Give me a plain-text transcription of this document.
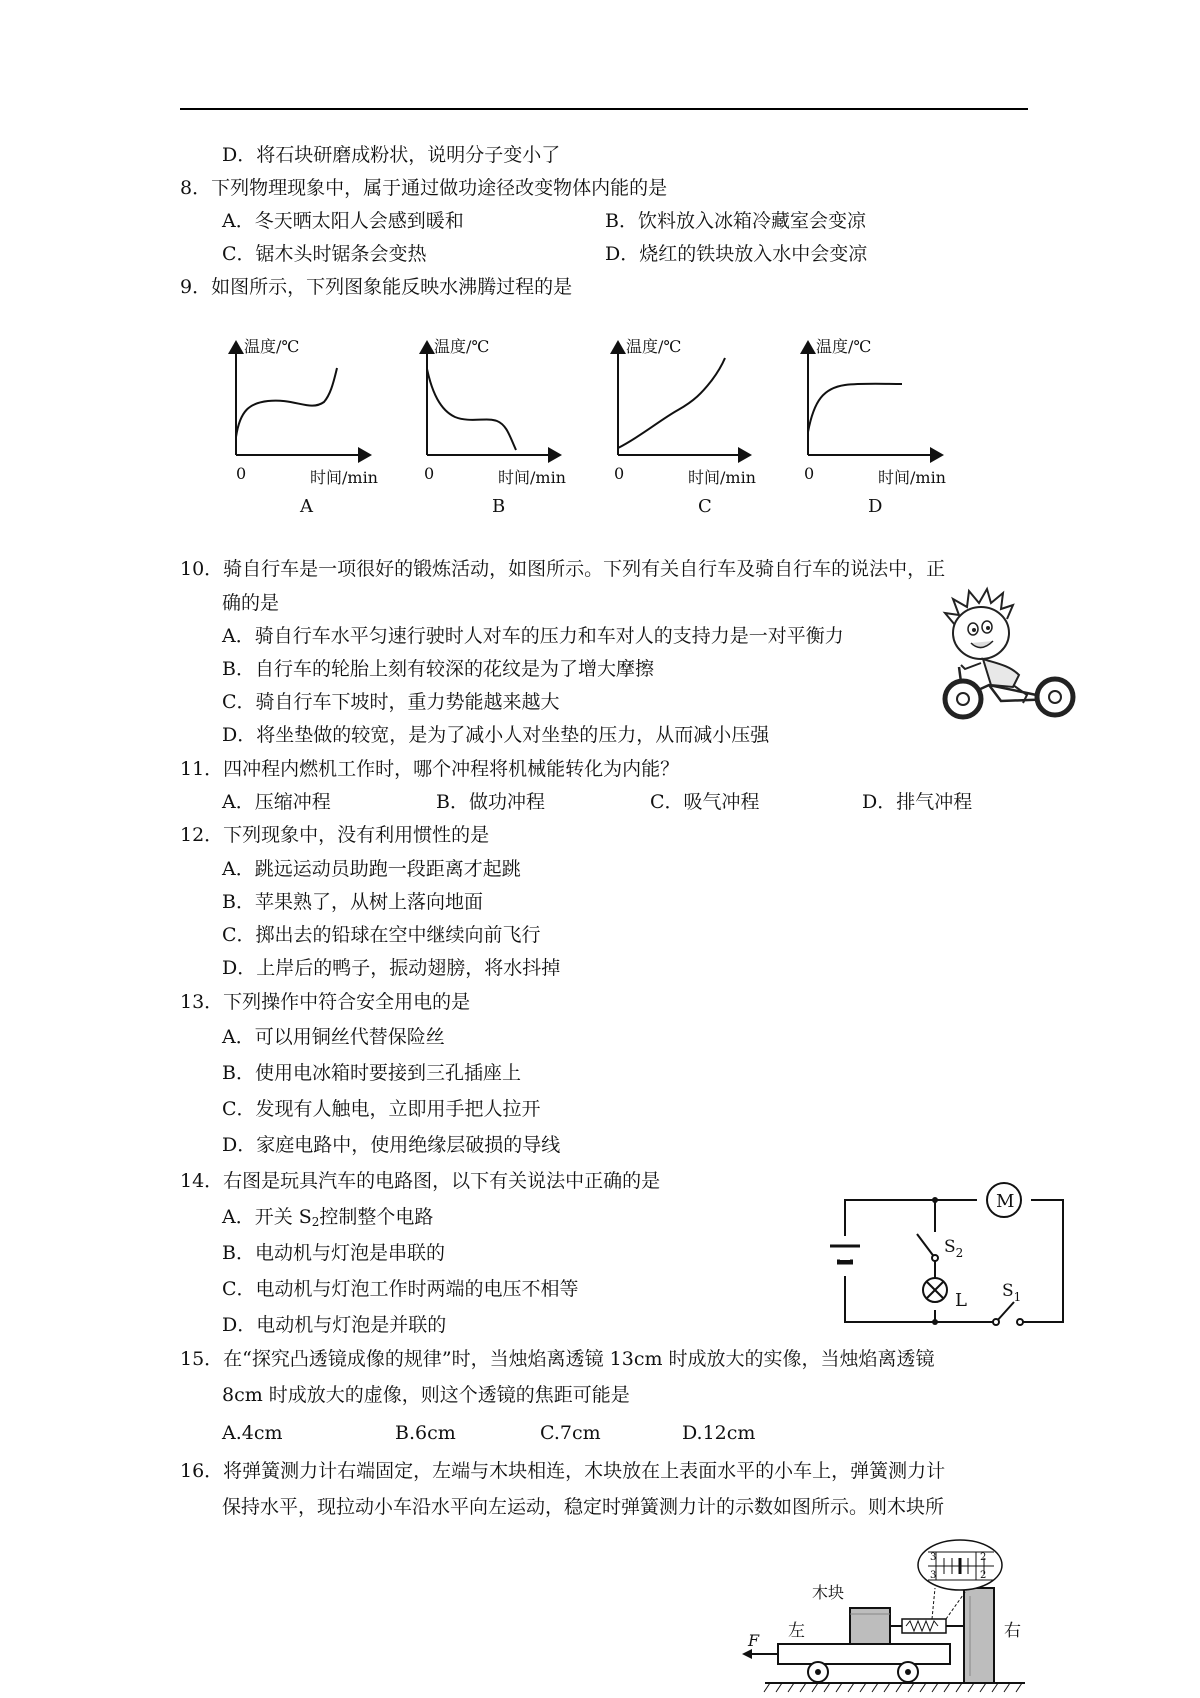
D．将石块研磨成粉状，说明分子变小了
8．下列物理现象中，属于通过做功途径改变物体内能的是
A．冬天晒太阳人会感到暖和	B．饮料放入冰箱冷藏室会变凉
C．锯木头时锯条会变热	D．烧红的铁块放入水中会变凉
9．如图所示，下列图象能反映水沸腾过程的是
温度/℃
0	时间/min
A
温度/℃
0	时间/min
B
温度/℃
0	时间/min
C
温度/℃
0	时间/min
D
10．骑自行车是一项很好的锻炼活动，如图所示。下列有关自行车及骑自行车的说法中，正
确的是
A．骑自行车水平匀速行驶时人对车的压力和车对人的支持力是一对平衡力
B．自行车的轮胎上刻有较深的花纹是为了增大摩擦
C．骑自行车下坡时，重力势能越来越大
D．将坐垫做的较宽，是为了减小人对坐垫的压力，从而减小压强
11．四冲程内燃机工作时，哪个冲程将机械能转化为内能？
A．压缩冲程	B．做功冲程	C．吸气冲程	D．排气冲程
12．下列现象中，没有利用惯性的是
A．跳远运动员助跑一段距离才起跳
B．苹果熟了，从树上落向地面
C．掷出去的铅球在空中继续向前飞行
D．上岸后的鸭子，振动翅膀，将水抖掉
13．下列操作中符合安全用电的是
A．可以用铜丝代替保险丝
B．使用电冰箱时要接到三孔插座上
C．发现有人触电，立即用手把人拉开
D．家庭电路中，使用绝缘层破损的导线
14．右图是玩具汽车的电路图，以下有关说法中正确的是
A．开关 $S_2$控制整个电路
B．电动机与灯泡是串联的
C．电动机与灯泡工作时两端的电压不相等
D．电动机与灯泡是并联的
M
L
$S_2$
$S_1$
15．在“探究凸透镜成像的规律”时，当烛焰离透镜 13cm 时成放大的实像，当烛焰离透镜
8cm 时成放大的虚像，则这个透镜的焦距可能是
A.4cm	B.6cm	C.7cm	D.12cm
16．将弹簧测力计右端固定，左端与木块相连，木块放在上表面水平的小车上，弹簧测力计
保持水平，现拉动小车沿水平向左运动，稳定时弹簧测力计的示数如图所示。则木块所
3	2
3	2
木块
左	右
F
